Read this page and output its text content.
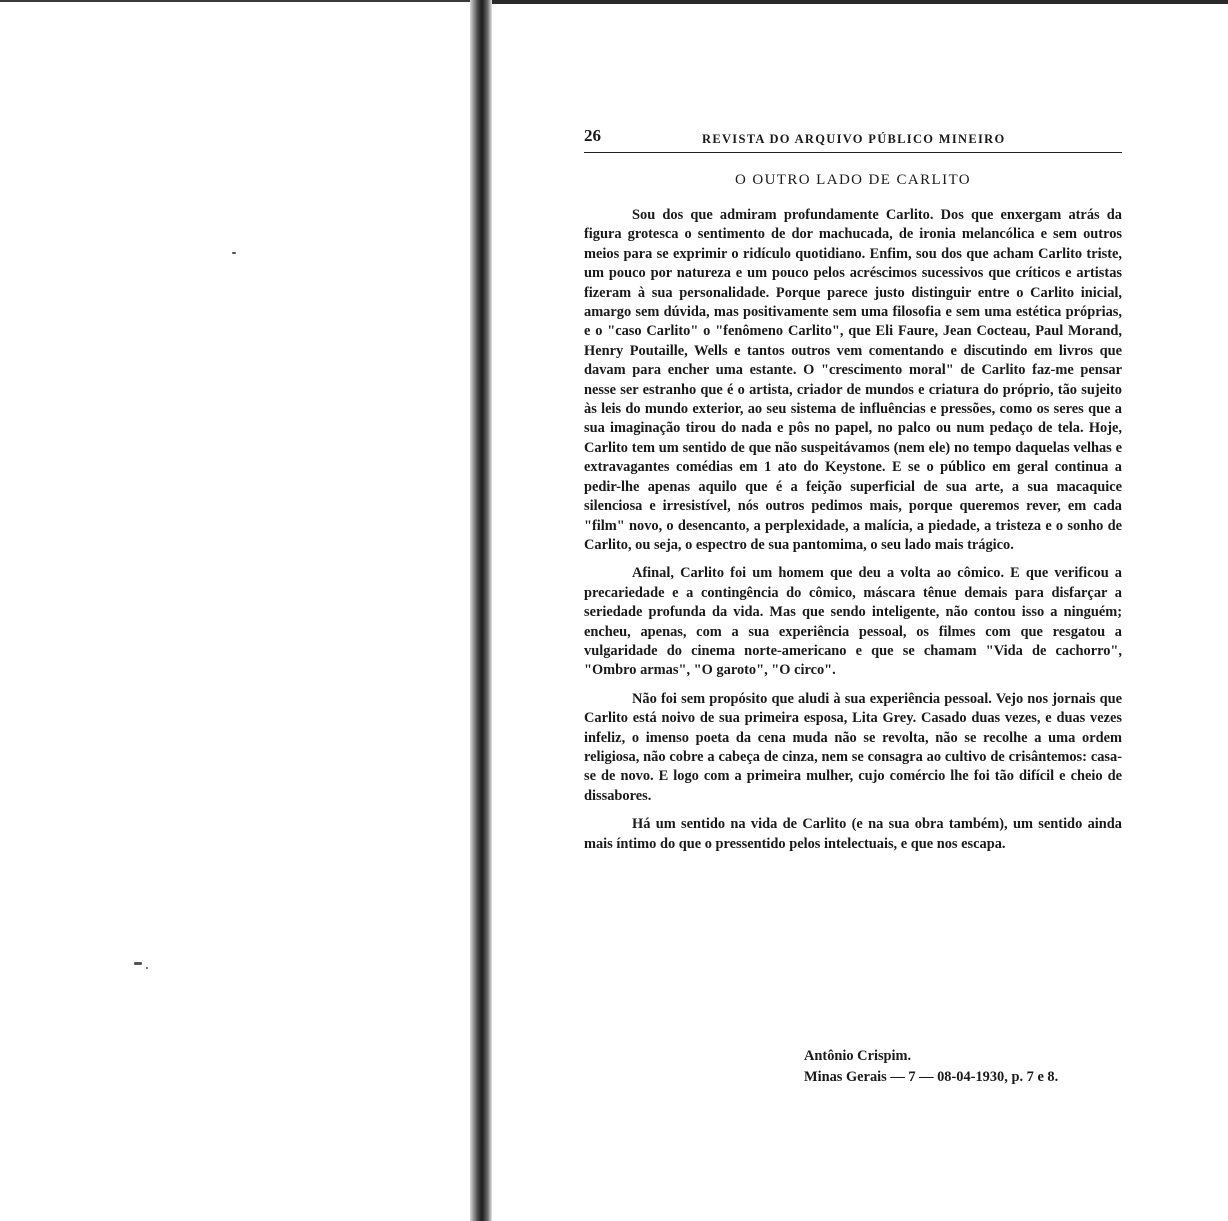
26	REVISTA DO ARQUIVO PÚBLICO MINEIRO
O OUTRO LADO DE CARLITO

Sou dos que admiram profundamente Carlito. Dos que enxergam atrás da figura grotesca o sentimento de dor machucada, de ironia melancólica e sem outros meios para se exprimir o ridículo quotidiano. Enfim, sou dos que acham Carlito triste, um pouco por natureza e um pouco pelos acréscimos sucessivos que críticos e artistas fizeram à sua personalidade. Porque parece justo distinguir entre o Carlito inicial, amargo sem dúvida, mas positivamente sem uma filosofia e sem uma estética próprias, e o "caso Carlito" o "fenômeno Carlito", que Eli Faure, Jean Cocteau, Paul Morand, Henry Poutaille, Wells e tantos outros vem comentando e discutindo em livros que davam para encher uma estante. O "crescimento moral" de Carlito faz-me pensar nesse ser estranho que é o artista, criador de mundos e criatura do próprio, tão sujeito às leis do mundo exterior, ao seu sistema de influências e pressões, como os seres que a sua imaginação tirou do nada e pôs no papel, no palco ou num pedaço de tela. Hoje, Carlito tem um sentido de que não suspeitávamos (nem ele) no tempo daquelas velhas e extravagantes comédias em 1 ato do Keystone. E se o público em geral continua a pedir-lhe apenas aquilo que é a feição superficial de sua arte, a sua macaquice silenciosa e irresistível, nós outros pedimos mais, porque queremos rever, em cada "film" novo, o desencanto, a perplexidade, a malícia, a piedade, a tristeza e o sonho de Carlito, ou seja, o espectro de sua pantomima, o seu lado mais trágico.

Afinal, Carlito foi um homem que deu a volta ao cômico. E que verificou a precariedade e a contingência do cômico, máscara tênue demais para disfarçar a seriedade profunda da vida. Mas que sendo inteligente, não contou isso a ninguém; encheu, apenas, com a sua experiência pessoal, os filmes com que resgatou a vulgaridade do cinema norte-americano e que se chamam "Vida de cachorro", "Ombro armas", "O garoto", "O circo".

Não foi sem propósito que aludi à sua experiência pessoal. Vejo nos jornais que Carlito está noivo de sua primeira esposa, Lita Grey. Casado duas vezes, e duas vezes infeliz, o imenso poeta da cena muda não se revolta, não se recolhe a uma ordem religiosa, não cobre a cabeça de cinza, nem se consagra ao cultivo de crisântemos: casa-se de novo. E logo com a primeira mulher, cujo comércio lhe foi tão difícil e cheio de dissabores.

Há um sentido na vida de Carlito (e na sua obra também), um sentido ainda mais íntimo do que o pressentido pelos intelectuais, e que nos escapa.

Antônio Crispim.
Minas Gerais — 7 — 08-04-1930, p. 7 e 8.
